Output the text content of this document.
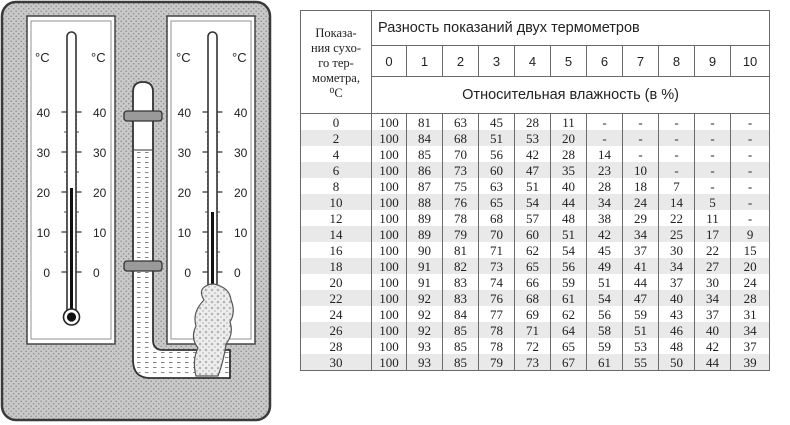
°C	°C
40	40
30	30
20	20
10	10
0	0
°C	°C
40	40
30	30
20	20
10	10
0	0
Показа-
ния сухо-
го тер-
мометра,
⁰С	Разность показаний двух термометров										
	0	1	2	3	4	5	6	7	8	9	10
	Относительная влажность (в %)										
0	100	81	63	45	28	11	-	-	-	-	-
2	100	84	68	51	53	20	-	-	-	-	-
4	100	85	70	56	42	28	14	-	-	-	-
6	100	86	73	60	47	35	23	10	-	-	-
8	100	87	75	63	51	40	28	18	7	-	-
10	100	88	76	65	54	44	34	24	14	5	-
12	100	89	78	68	57	48	38	29	22	11	-
14	100	89	79	70	60	51	42	34	25	17	9
16	100	90	81	71	62	54	45	37	30	22	15
18	100	91	82	73	65	56	49	41	34	27	20
20	100	91	83	74	66	59	51	44	37	30	24
22	100	92	83	76	68	61	54	47	40	34	28
24	100	92	84	77	69	62	56	59	43	37	31
26	100	92	85	78	71	64	58	51	46	40	34
28	100	93	85	78	72	65	59	53	48	42	37
30	100	93	85	79	73	67	61	55	50	44	39
